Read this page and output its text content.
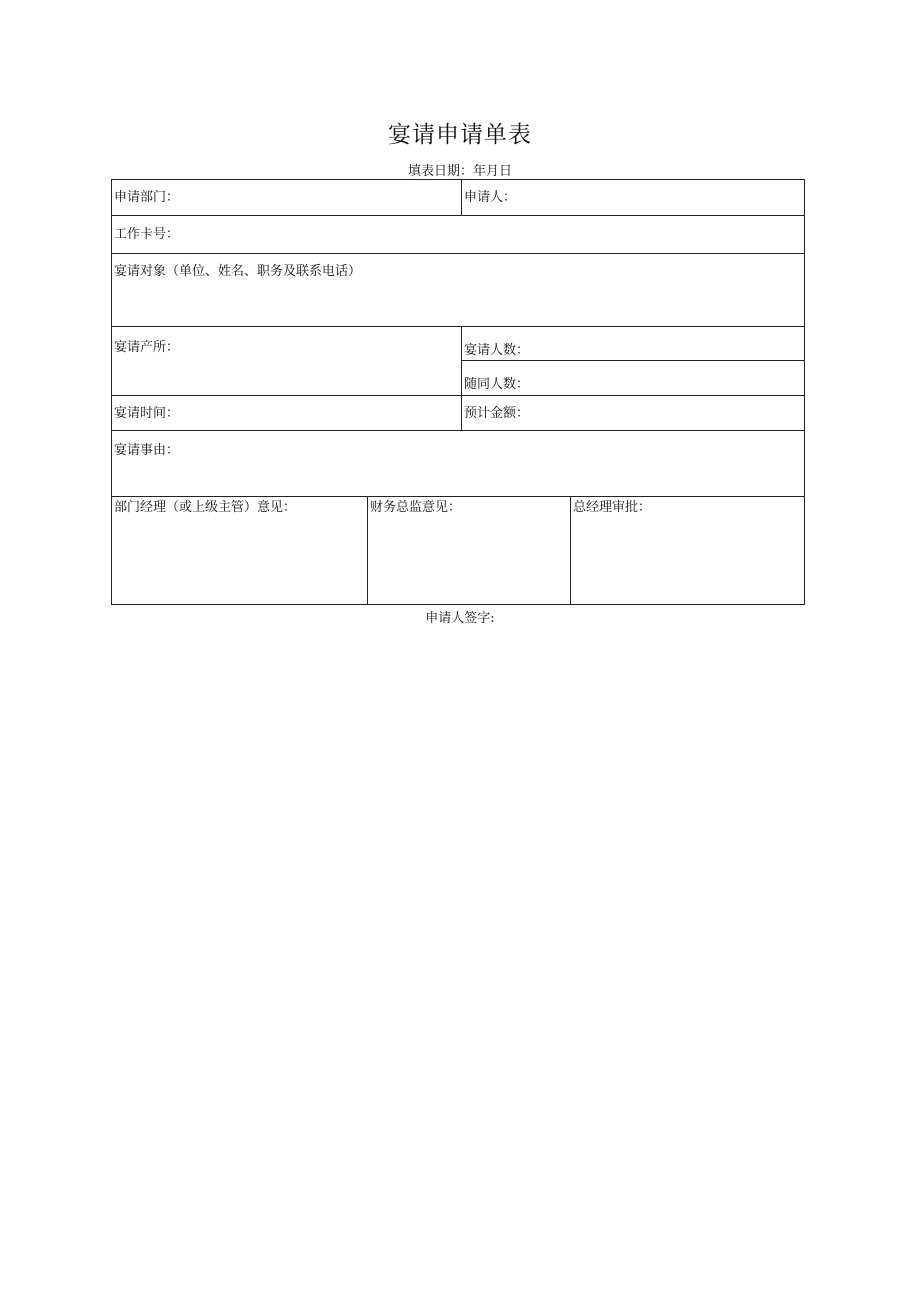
宴请申请单表
填表日期：年月日
申请部门：	申请人：
工作卡号：
宴请对象（单位、姓名、职务及联系电话）
宴请产所：	宴请人数：
随同人数：
宴请时间：	预计金额：
宴请事由：
部门经理（或上级主管）意见：	财务总监意见：	总经理审批：
申请人签字:
